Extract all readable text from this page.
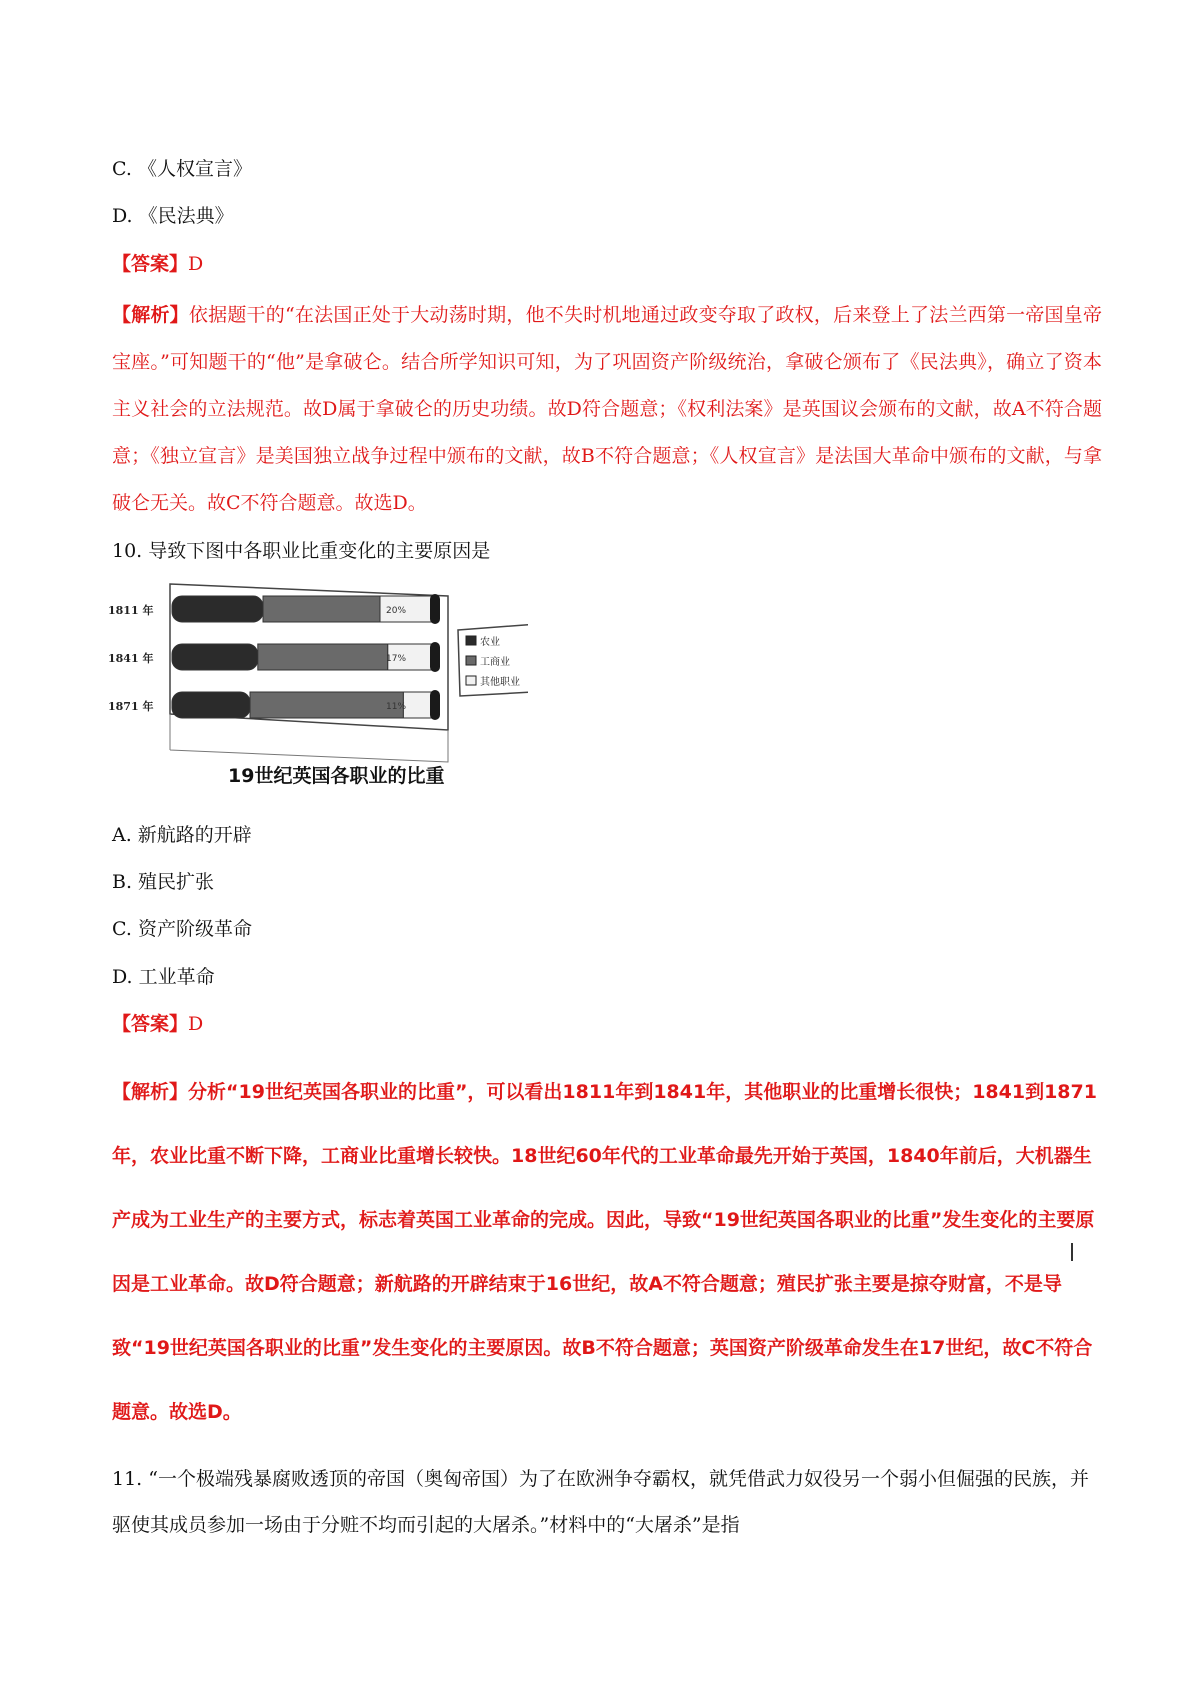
C. 《人权宣言》
D. 《民法典》
【答案】D
【解析】依据题干的“在法国正处于大动荡时期，他不失时机地通过政变夺取了政权，后来登上了法兰西第一帝国皇帝宝座。”可知题干的“他”是拿破仑。结合所学知识可知，为了巩固资产阶级统治，拿破仑颁布了《民法典》，确立了资本主义社会的立法规范。故D属于拿破仑的历史功绩。故D符合题意；《权利法案》是英国议会颁布的文献，故A不符合题意；《独立宣言》是美国独立战争过程中颁布的文献，故B不符合题意；《人权宣言》是法国大革命中颁布的文献，与拿破仑无关。故C不符合题意。故选D。
10. 导致下图中各职业比重变化的主要原因是
1811 年	20%
1841 年	17%
1871 年	11%
农业
工商业
其他职业
19世纪英国各职业的比重
A. 新航路的开辟
B. 殖民扩张
C. 资产阶级革命
D. 工业革命
【答案】D
【解析】分析“19世纪英国各职业的比重”，可以看出1811年到1841年，其他职业的比重增长很快；1841到1871年，农业比重不断下降，工商业比重增长较快。18世纪60年代的工业革命最先开始于英国，1840年前后，大机器生产成为工业生产的主要方式，标志着英国工业革命的完成。因此，导致“19世纪英国各职业的比重”发生变化的主要原因是工业革命。故D符合题意；新航路的开辟结束于16世纪，故A不符合题意；殖民扩张主要是掠夺财富，不是导致“19世纪英国各职业的比重”发生变化的主要原因。故B不符合题意；英国资产阶级革命发生在17世纪，故C不符合题意。故选D。
11. “一个极端残暴腐败透顶的帝国（奥匈帝国）为了在欧洲争夺霸权，就凭借武力奴役另一个弱小但倔强的民族，并驱使其成员参加一场由于分赃不均而引起的大屠杀。”材料中的“大屠杀”是指
